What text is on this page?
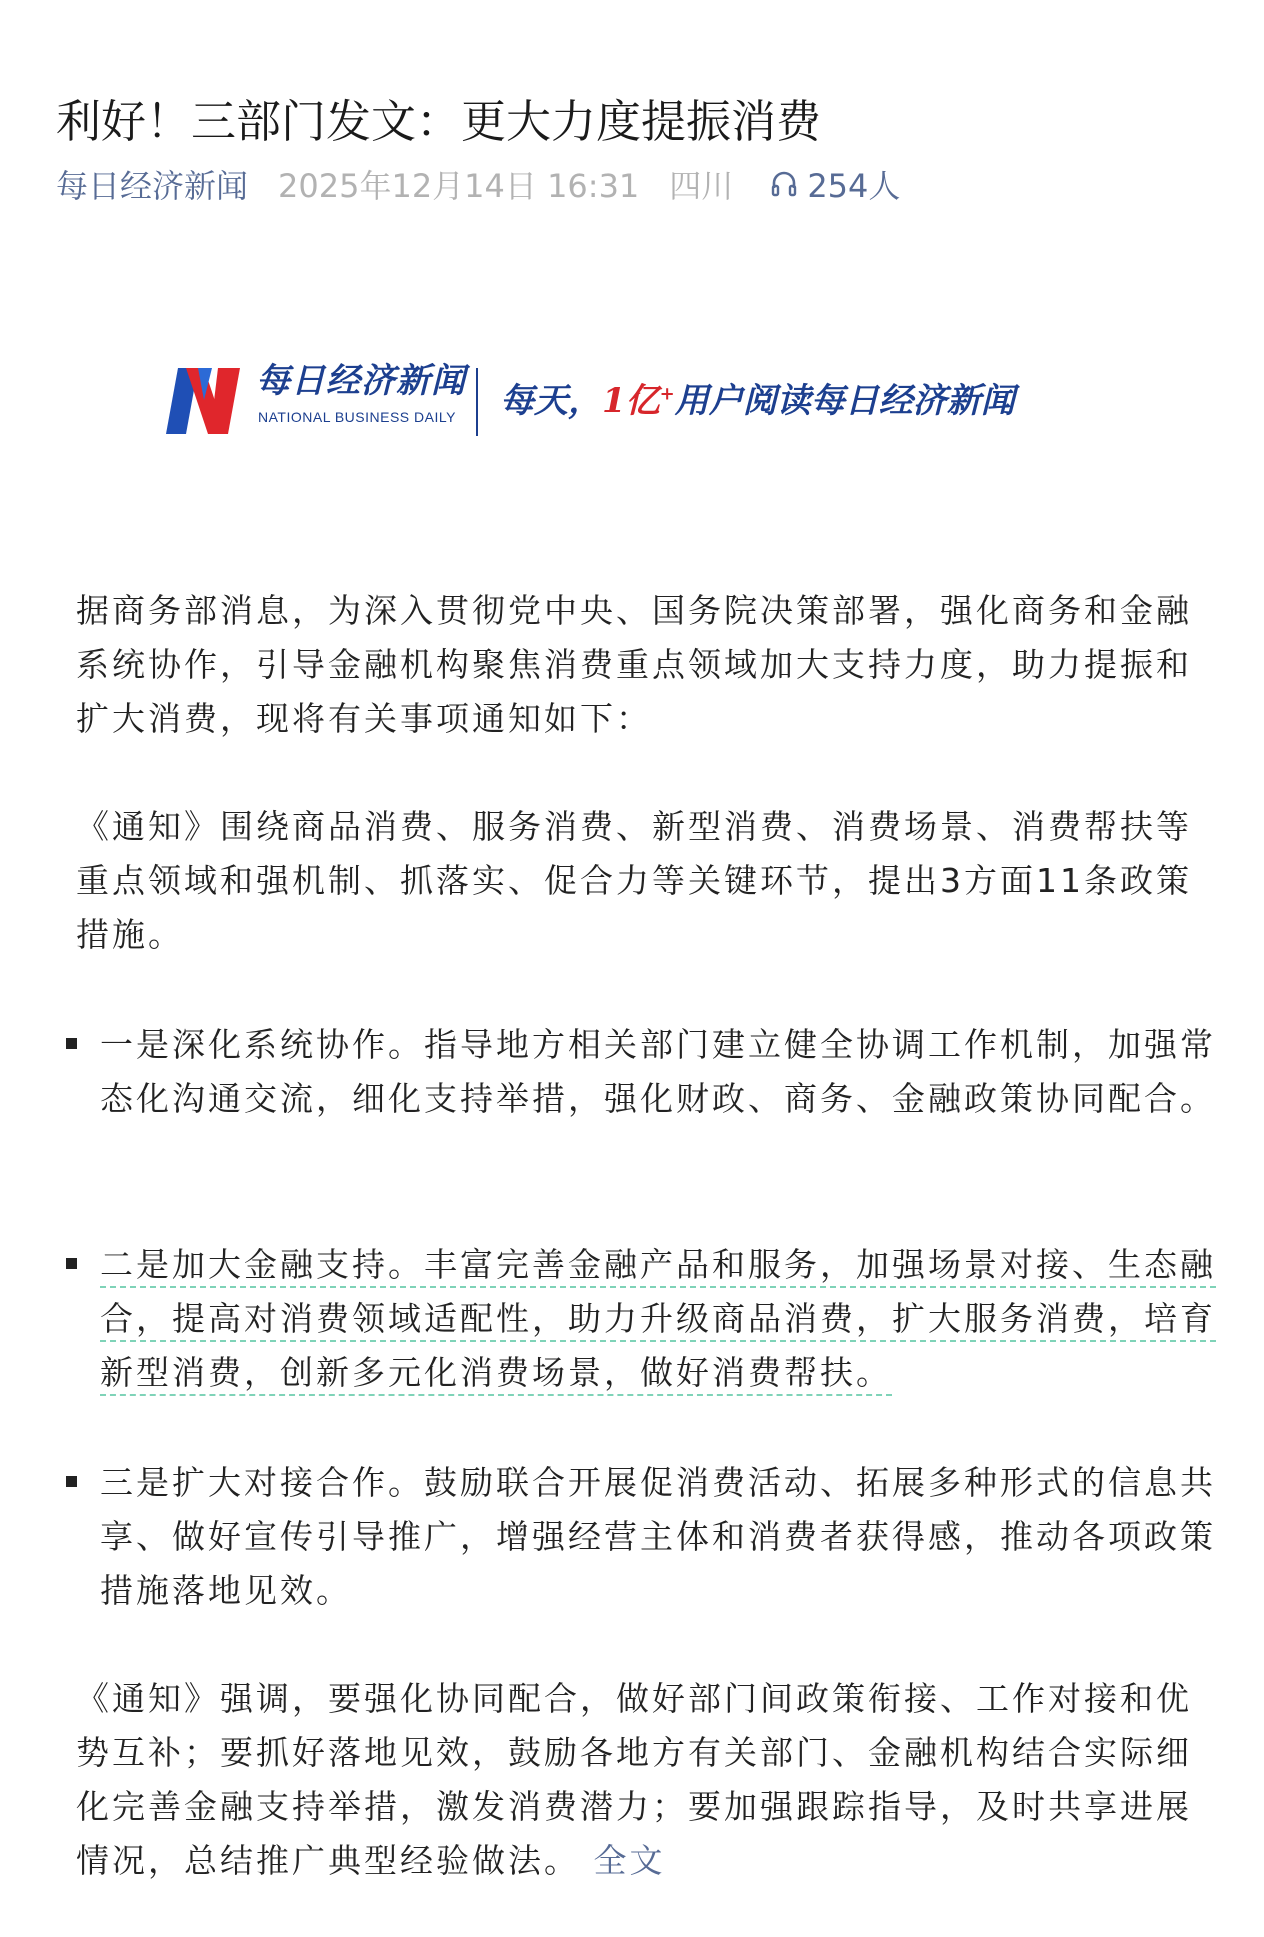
利好！三部门发文：更大力度提振消费
每日经济新闻 2025年12月14日 16:31 四川 254人
每日经济新闻
NATIONAL BUSINESS DAILY 每天，1亿+用户阅读每日经济新闻

据商务部消息，为深入贯彻党中央、国务院决策部署，强化商务和金融系统协作，引导金融机构聚焦消费重点领域加大支持力度，助力提振和扩大消费，现将有关事项通知如下：

《通知》围绕商品消费、服务消费、新型消费、消费场景、消费帮扶等重点领域和强机制、抓落实、促合力等关键环节，提出3方面11条政策措施。

一是深化系统协作。指导地方相关部门建立健全协调工作机制，加强常态化沟通交流，细化支持举措，强化财政、商务、金融政策协同配合。

二是加大金融支持。丰富完善金融产品和服务，加强场景对接、生态融合，提高对消费领域适配性，助力升级商品消费，扩大服务消费，培育新型消费，创新多元化消费场景，做好消费帮扶。

三是扩大对接合作。鼓励联合开展促消费活动、拓展多种形式的信息共享、做好宣传引导推广，增强经营主体和消费者获得感，推动各项政策措施落地见效。

《通知》强调，要强化协同配合，做好部门间政策衔接、工作对接和优势互补；要抓好落地见效，鼓励各地方有关部门、金融机构结合实际细化完善金融支持举措，激发消费潜力；要加强跟踪指导，及时共享进展情况，总结推广典型经验做法。 全文
